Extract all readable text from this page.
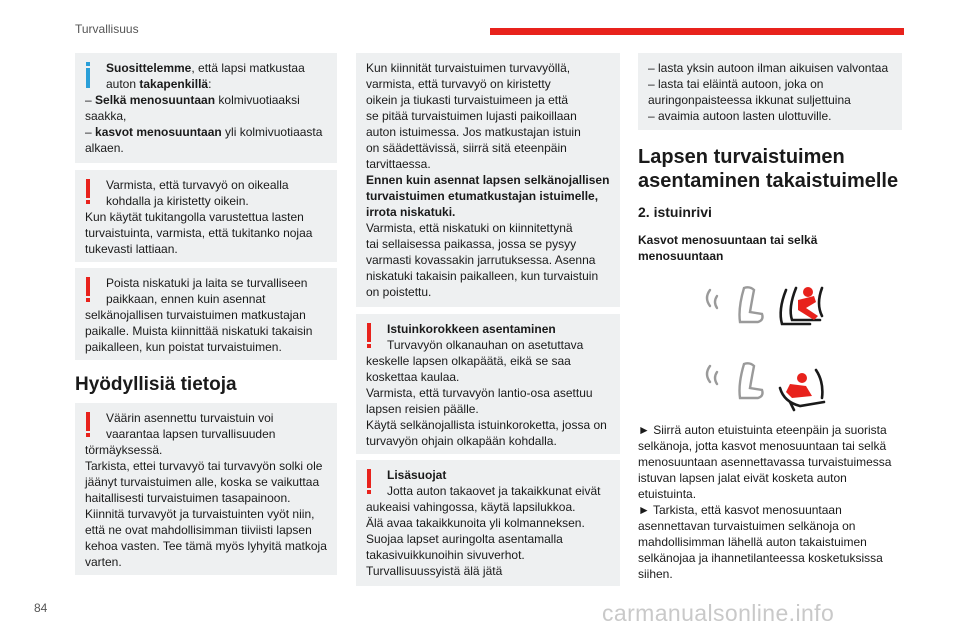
Turvallisuus

Suosittelemme, että lapsi matkustaa

auton takapenkillä:

– Selkä menosuuntaan kolmivuotiaaksi

saakka,

– kasvot menosuuntaan yli kolmivuotiaasta

alkaen.

Varmista, että turvavyö on oikealla

kohdalla ja kiristetty oikein.

Kun käytät tukitangolla varustettua lasten

turvaistuinta, varmista, että tukitanko nojaa

tukevasti lattiaan.

Poista niskatuki ja laita se turvalliseen

paikkaan, ennen kuin asennat

selkänojallisen turvaistuimen matkustajan

paikalle. Muista kiinnittää niskatuki takaisin

paikalleen, kun poistat turvaistuimen.

Hyödyllisiä tietoja

Väärin asennettu turvaistuin voi

vaarantaa lapsen turvallisuuden

törmäyksessä.

Tarkista, ettei turvavyö tai turvavyön solki ole

jäänyt turvaistuimen alle, koska se vaikuttaa

haitallisesti turvaistuimen tasapainoon.

Kiinnitä turvavyöt ja turvaistuinten vyöt niin,

että ne ovat mahdollisimman tiiviisti lapsen

kehoa vasten. Tee tämä myös lyhyitä matkoja

varten.

Kun kiinnität turvaistuimen turvavyöllä,

varmista, että turvavyö on kiristetty

oikein ja tiukasti turvaistuimeen ja että

se pitää turvaistuimen lujasti paikoillaan

auton istuimessa. Jos matkustajan istuin

on säädettävissä, siirrä sitä eteenpäin

tarvittaessa.

Ennen kuin asennat lapsen selkänojallisen

turvaistuimen etumatkustajan istuimelle,

irrota niskatuki.

Varmista, että niskatuki on kiinnitettynä

tai sellaisessa paikassa, jossa se pysyy

varmasti kovassakin jarrutuksessa. Asenna

niskatuki takaisin paikalleen, kun turvaistuin

on poistettu.

Istuinkorokkeen asentaminen

Turvavyön olkanauhan on asetuttava

keskelle lapsen olkapäätä, eikä se saa

koskettaa kaulaa.

Varmista, että turvavyön lantio-osa asettuu

lapsen reisien päälle.

Käytä selkänojallista istuinkoroketta, jossa on

turvavyön ohjain olkapään kohdalla.

Lisäsuojat

Jotta auton takaovet ja takaikkunat eivät

aukeaisi vahingossa, käytä lapsilukkoa.

Älä avaa takaikkunoita yli kolmanneksen.

Suojaa lapset auringolta asentamalla

takasivuikkunoihin sivuverhot.

Turvallisuussyistä älä jätä

– lasta yksin autoon ilman aikuisen valvontaa

– lasta tai eläintä autoon, joka on

auringonpaisteessa ikkunat suljettuina

– avaimia autoon lasten ulottuville.

Lapsen turvaistuimen
asentaminen takaistuimelle
2. istuinrivi
Kasvot menosuuntaan tai selkä
menosuuntaan

► Siirrä auton etuistuinta eteenpäin ja suorista

selkänoja, jotta kasvot menosuuntaan tai selkä

menosuuntaan asennettavassa turvaistuimessa

istuvan lapsen jalat eivät kosketa auton

etuistuinta.

► Tarkista, että kasvot menosuuntaan

asennettavan turvaistuimen selkänoja on

mahdollisimman lähellä auton takaistuimen

selkänojaa ja ihannetilanteessa kosketuksissa

siihen.

84	carmanualsonline.info
